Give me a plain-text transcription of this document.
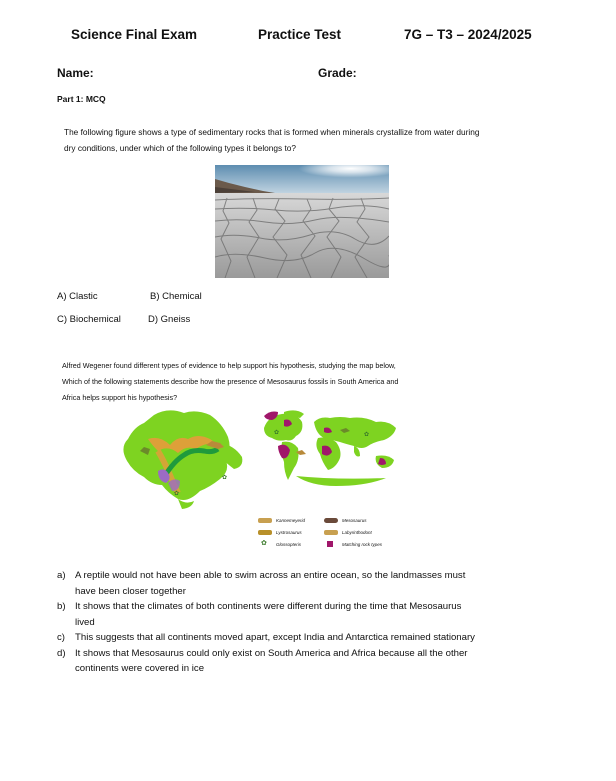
Science Final Exam	Practice Test	7G – T3 – 2024/2025
Name:	Grade:
Part 1: MCQ
The following figure shows a type of sedimentary rocks that is formed when minerals crystallize from water during
dry conditions, under which of the following types it belongs to?
A) Clastic	B) Chemical
C) Biochemical	D) Gneiss
Alfred Wegener found different types of evidence to help support his hypothesis, studying the map below,
Which of the following statements describe how the presence of Mesosaurus fossils in South America and
Africa helps support his hypothesis?
✿
✿
✿	✿
Kannemeyerid
Lystrosaurus
✿ Glossopteris
Mesosaurus
Labyrinthodont
Matching rock types
a) A reptile would not have been able to swim across an entire ocean, so the landmasses must
have been closer together
b) It shows that the climates of both continents were different during the time that Mesosaurus
lived
c)	This suggests that all continents moved apart, except India and Antarctica remained stationary
d) It shows that Mesosaurus could only exist on South America and Africa because all the other
continents were covered in ice
